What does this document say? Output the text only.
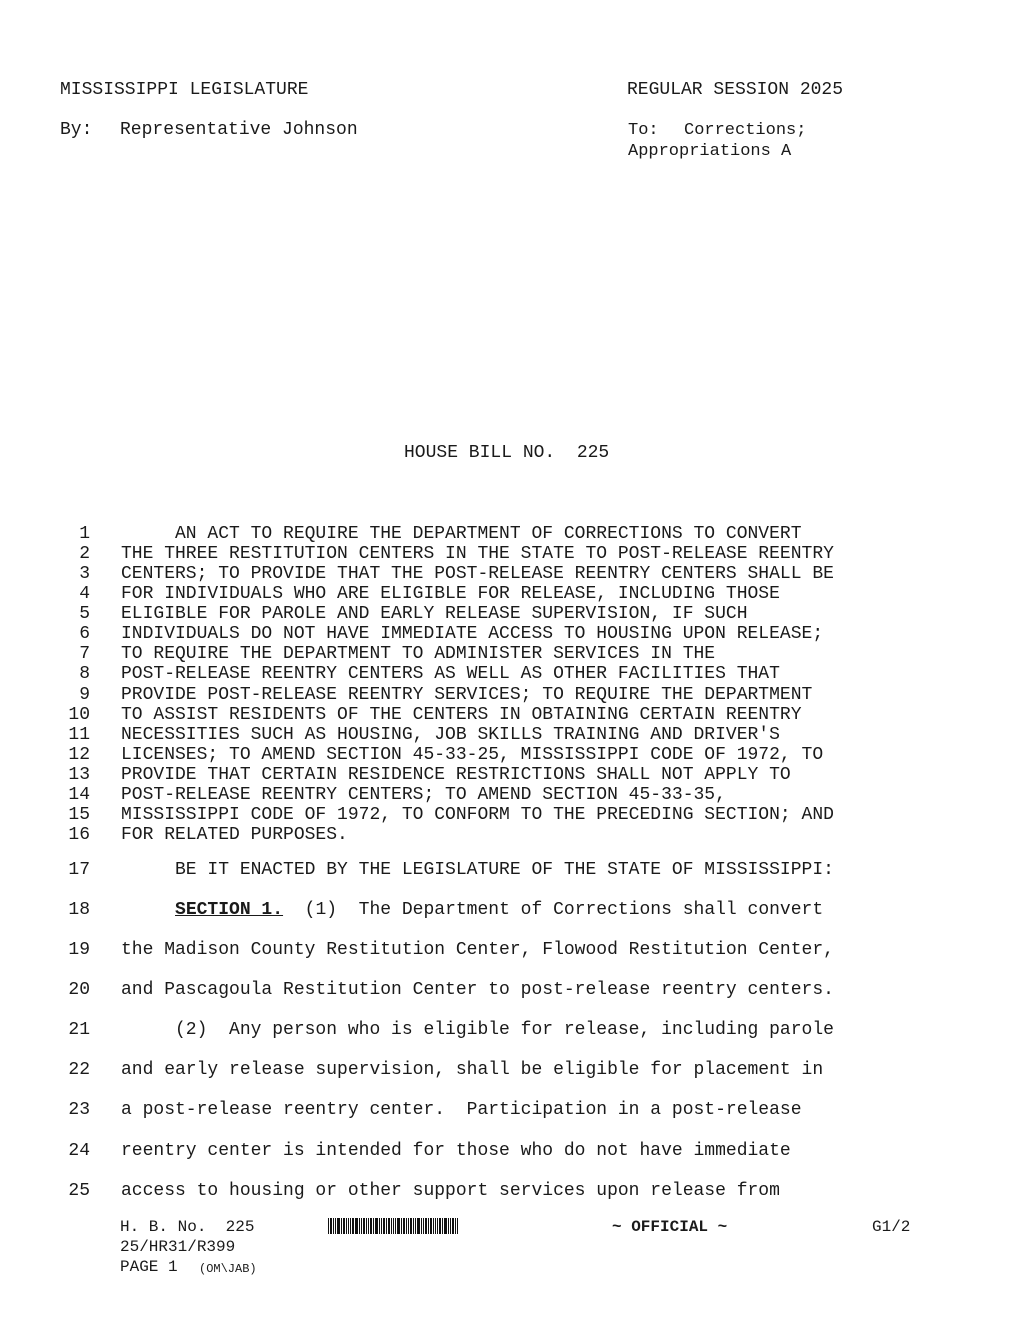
MISSISSIPPI LEGISLATURE	REGULAR SESSION 2025
By: Representative Johnson	To: Corrections;
Appropriations A
HOUSE BILL NO.  225
1 AN ACT TO REQUIRE THE DEPARTMENT OF CORRECTIONS TO CONVERT
2 THE THREE RESTITUTION CENTERS IN THE STATE TO POST-RELEASE REENTRY
3 CENTERS; TO PROVIDE THAT THE POST-RELEASE REENTRY CENTERS SHALL BE
4 FOR INDIVIDUALS WHO ARE ELIGIBLE FOR RELEASE, INCLUDING THOSE
5 ELIGIBLE FOR PAROLE AND EARLY RELEASE SUPERVISION, IF SUCH
6 INDIVIDUALS DO NOT HAVE IMMEDIATE ACCESS TO HOUSING UPON RELEASE;
7 TO REQUIRE THE DEPARTMENT TO ADMINISTER SERVICES IN THE
8 POST-RELEASE REENTRY CENTERS AS WELL AS OTHER FACILITIES THAT
9 PROVIDE POST-RELEASE REENTRY SERVICES; TO REQUIRE THE DEPARTMENT
10 TO ASSIST RESIDENTS OF THE CENTERS IN OBTAINING CERTAIN REENTRY
11 NECESSITIES SUCH AS HOUSING, JOB SKILLS TRAINING AND DRIVER'S
12 LICENSES; TO AMEND SECTION 45-33-25, MISSISSIPPI CODE OF 1972, TO
13 PROVIDE THAT CERTAIN RESIDENCE RESTRICTIONS SHALL NOT APPLY TO
14 POST-RELEASE REENTRY CENTERS; TO AMEND SECTION 45-33-35,
15 MISSISSIPPI CODE OF 1972, TO CONFORM TO THE PRECEDING SECTION; AND
16 FOR RELATED PURPOSES.
17 BE IT ENACTED BY THE LEGISLATURE OF THE STATE OF MISSISSIPPI:
18	SECTION 1.  (1)  The Department of Corrections shall convert
19 the Madison County Restitution Center, Flowood Restitution Center,
20 and Pascagoula Restitution Center to post-release reentry centers.
21 (2)  Any person who is eligible for release, including parole
22 and early release supervision, shall be eligible for placement in
23 a post-release reentry center.  Participation in a post-release
24 reentry center is intended for those who do not have immediate
25 access to housing or other support services upon release from
H. B. No.  225	~ OFFICIAL ~	G1/2
25/HR31/R399
PAGE 1 (OM\JAB)
